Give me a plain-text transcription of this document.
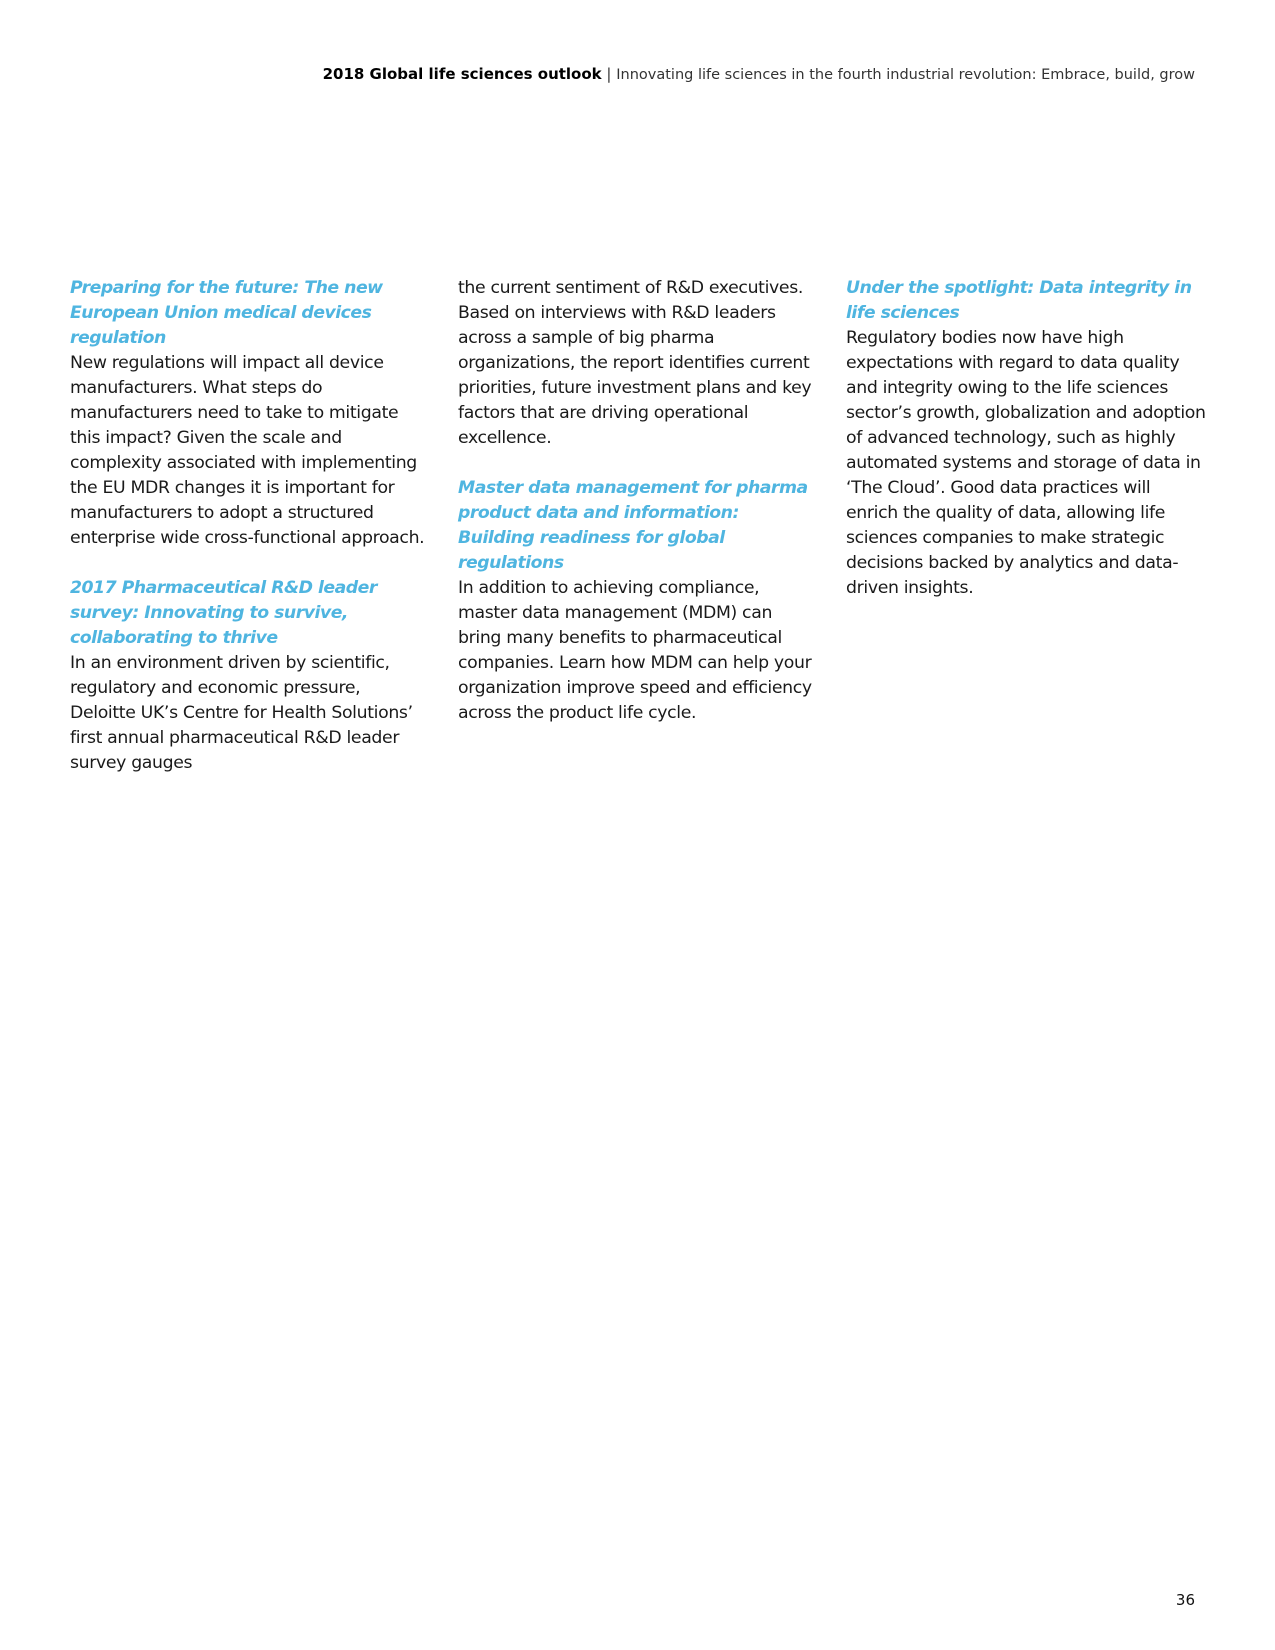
2018 Global life sciences outlook | Innovating life sciences in the fourth industrial revolution: Embrace, build, grow

Preparing for the future: The new European Union medical devices regulation

New regulations will impact all device manufacturers. What steps do manufacturers need to take to mitigate this impact? Given the scale and complexity associated with implementing the EU MDR changes it is important for manufacturers to adopt a structured enterprise wide cross-functional approach.

2017 Pharmaceutical R&D leader survey: Innovating to survive, collaborating to thrive

In an environment driven by scientific, regulatory and economic pressure, Deloitte UK’s Centre for Health Solutions’ first annual pharmaceutical R&D leader survey gauges

the current sentiment of R&D executives. Based on interviews with R&D leaders across a sample of big pharma organizations, the report identifies current priorities, future investment plans and key factors that are driving operational excellence.

Master data management for pharma product data and information: Building readiness for global regulations

In addition to achieving compliance, master data management (MDM) can bring many benefits to pharmaceutical companies. Learn how MDM can help your organization improve speed and efficiency across the product life cycle.

Under the spotlight: Data integrity in life sciences

Regulatory bodies now have high expectations with regard to data quality and integrity owing to the life sciences sector’s growth, globalization and adoption of advanced technology, such as highly automated systems and storage of data in ‘The Cloud’. Good data practices will enrich the quality of data, allowing life sciences companies to make strategic decisions backed by analytics and data-driven insights.

36
